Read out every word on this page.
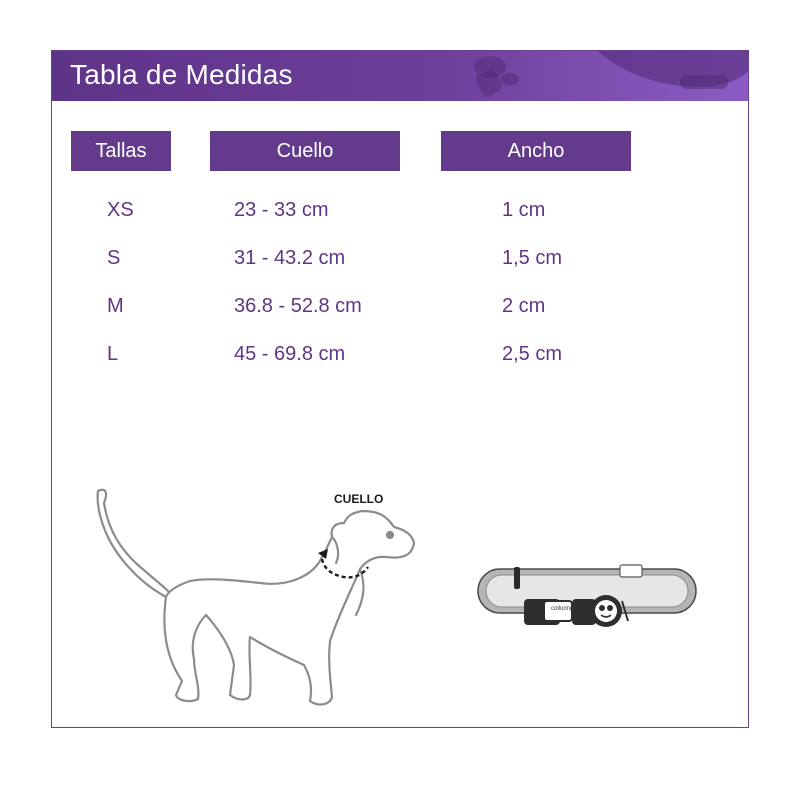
Tabla de Medidas
Tallas	Cuello	Ancho
XS	23 - 33 cm	1 cm
S	31 - 43.2 cm	1,5 cm
M	36.8 - 52.8 cm	2 cm
L	45 - 69.8 cm	2,5 cm
CUELLO
colloring
